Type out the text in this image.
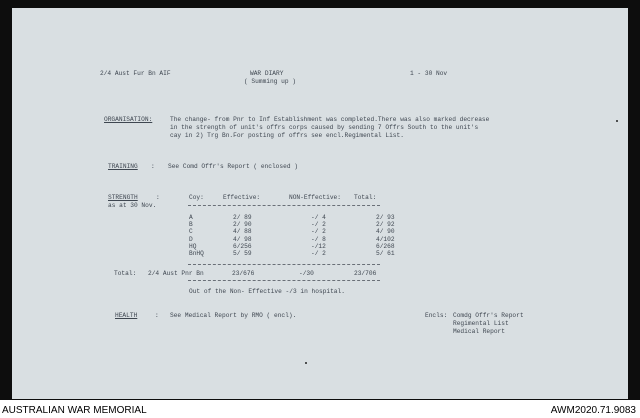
2/4 Aust Fur Bn AIF	WAR DIARY
( Summing up )
1 - 30 Nov
ORGANISATION:	The change- from Pnr to Inf Establishment was completed.There was also marked decrease
in the strength of unit's offrs corps caused by sending 7 Offrs South to the unit's
cay in 2) Trg Bn.For posting of offrs see encl.Regimental List.
TRAINING : See Comd Offr's Report ( enclosed )
STRENGTH	:
as at 30 Nov.
Coy:	Effective:	NON-Effective: Total:
A	2/ 89	-/ 4	2/ 93
B	2/ 90	-/ 2	2/ 92
C	4/ 88	-/ 2	4/ 90
D	4/ 98	-/ 8	4/102
HQ	6/256	-/12	6/268
BnHQ	5/ 59	-/ 2	5/ 61
Total: 2/4 Aust Pnr Bn	23/676	-/30	23/706
Out of the Non- Effective -/3 in hospital.
HEALTH	: See Medical Report by RMO ( encl).	Encls: Comdg Offr's Report
Regimental List
Medical Report
AUSTRALIAN WAR MEMORIAL	AWM2020.71.9083
